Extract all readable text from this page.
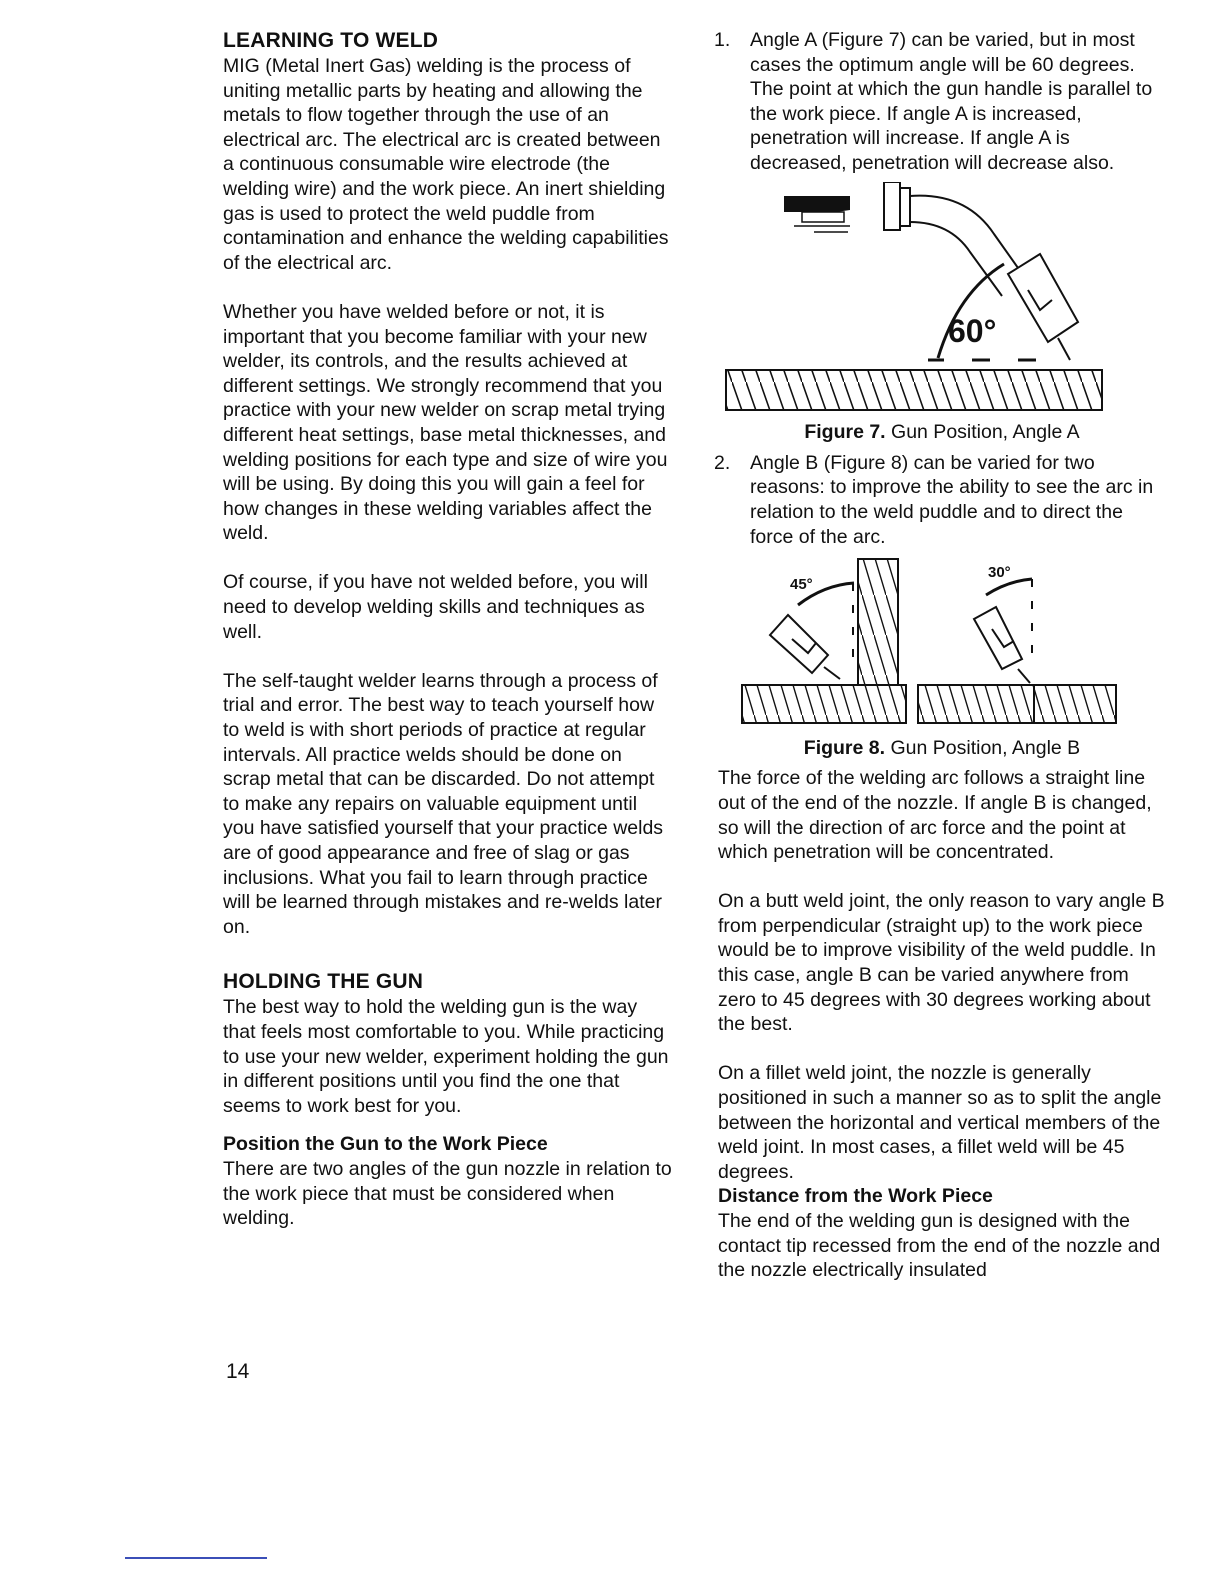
LEARNING TO WELD

MIG (Metal Inert Gas) welding is the process of uniting metallic parts by heating and allowing the metals to flow together through the use of an electrical arc. The electrical arc is created between a continuous consumable wire electrode (the welding wire) and the work piece. An inert shielding gas is used to protect the weld puddle from contamination and enhance the welding capabilities of the electrical arc.

Whether you have welded before or not, it is important that you become familiar with your new welder, its controls, and the results achieved at different settings. We strongly recommend that you practice with your new welder on scrap metal trying different heat settings, base metal thicknesses, and welding positions for each type and size of wire you will be using. By doing this you will gain a feel for how changes in these welding variables affect the weld.

Of course, if you have not welded before, you will need to develop welding skills and techniques as well.

The self-taught welder learns through a process of trial and error. The best way to teach yourself how to weld is with short periods of practice at regular intervals. All practice welds should be done on scrap metal that can be discarded. Do not attempt to make any repairs on valuable equipment until you have satisfied yourself that your practice welds are of good appearance and free of slag or gas inclusions. What you fail to learn through practice will be learned through mistakes and re-welds later on.

HOLDING THE GUN

The best way to hold the welding gun is the way that feels most comfortable to you. While practicing to use your new welder, experiment holding the gun in different positions until you find the one that seems to work best for you.

Position the Gun to the Work Piece

There are two angles of the gun nozzle in relation to the work piece that must be considered when welding.

1. Angle A (Figure 7) can be varied, but in most cases the optimum angle will be 60 degrees. The point at which the gun handle is parallel to the work piece. If angle A is increased, penetration will increase. If angle A is decreased, penetration will decrease also.
60°
Figure 7. Gun Position, Angle A
2. Angle B (Figure 8) can be varied for two reasons: to improve the ability to see the arc in relation to the weld puddle and to direct the force of the arc.
45°
30°
Figure 8. Gun Position, Angle B

The force of the welding arc follows a straight line out of the end of the nozzle. If angle B is changed, so will the direction of arc force and the point at which penetration will be concentrated.

On a butt weld joint, the only reason to vary angle B from perpendicular (straight up) to the work piece would be to improve visibility of the weld puddle. In this case, angle B can be varied anywhere from zero to 45 degrees with 30 degrees working about the best.

On a fillet weld joint, the nozzle is generally positioned in such a manner so as to split the angle between the horizontal and vertical members of the weld joint. In most cases, a fillet weld will be 45 degrees.

Distance from the Work Piece

The end of the welding gun is designed with the contact tip recessed from the end of the nozzle and the nozzle electrically insulated

14
